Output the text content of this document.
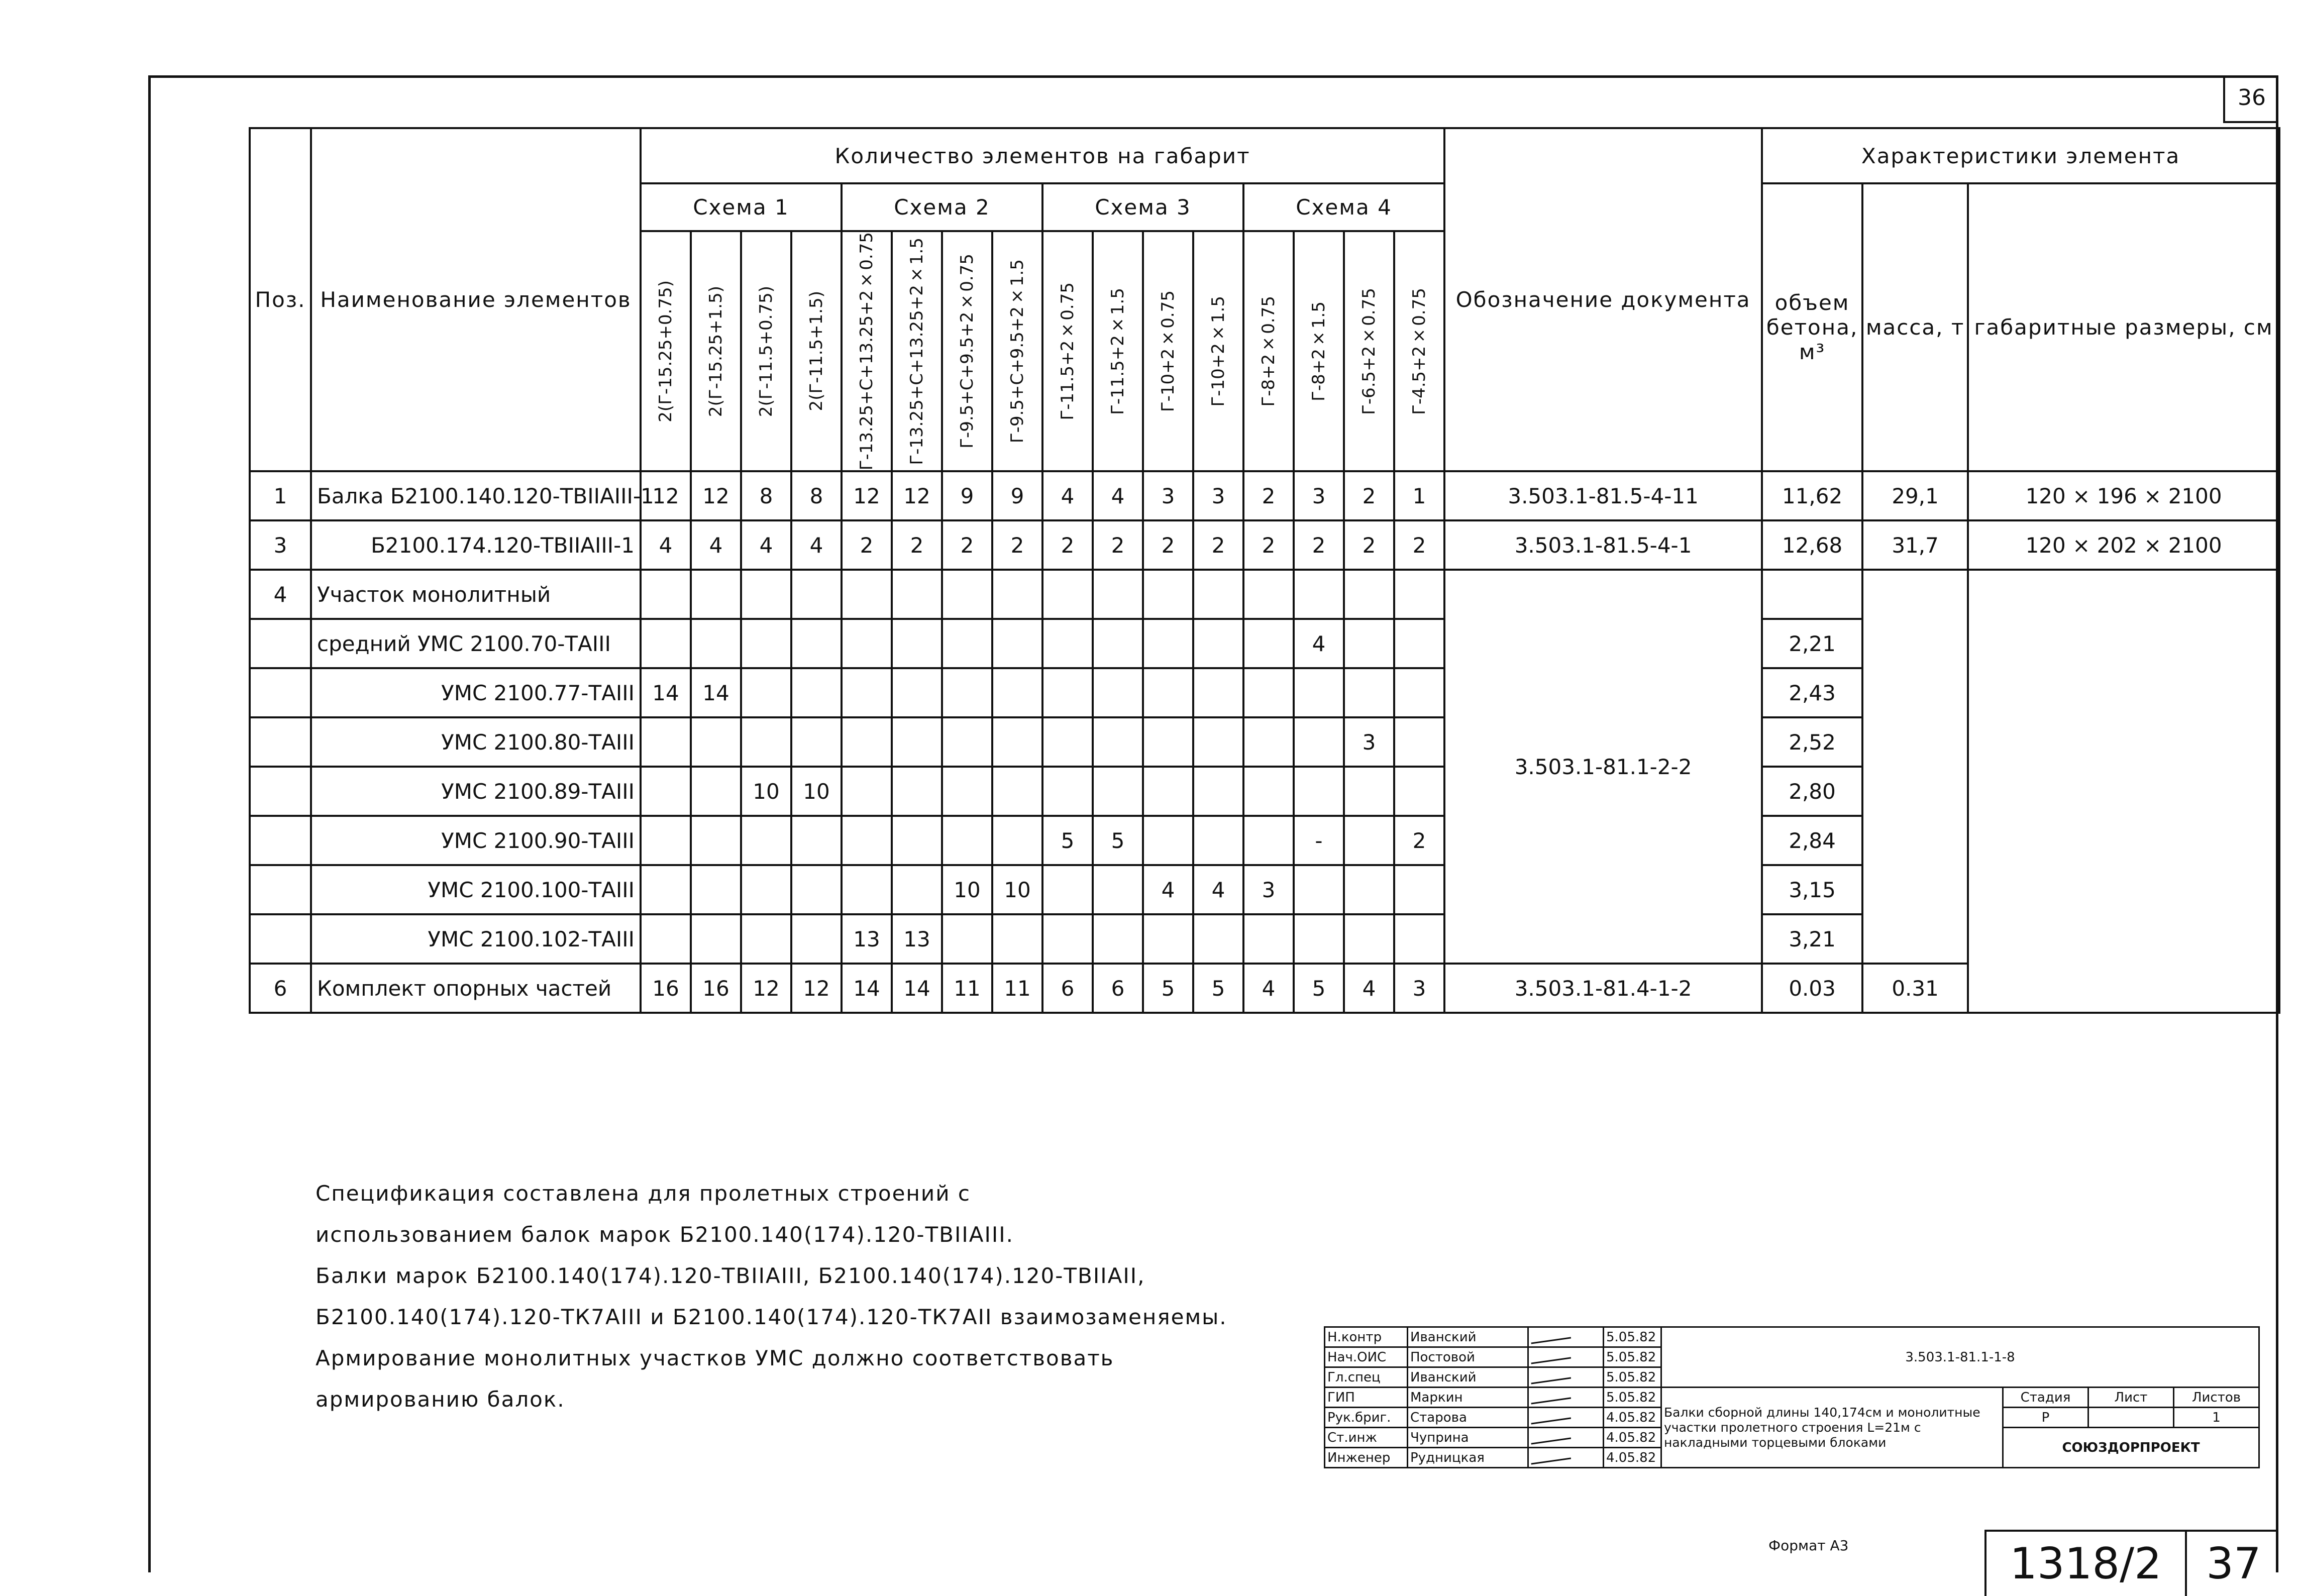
36
Поз.	Наименование элементов	Количество элементов на габарит																Обозначение документа	Характеристики элемента		
		Схема 1				Схема 2				Схема 3				Схема 4					объем бетона, м³	масса, т	габаритные размеры, см

		2(Г-15.25+0.75)	2(Г-15.25+1.5)	2(Г-11.5+0.75)	2(Г-11.5+1.5)	Г-13.25+С+13.25+2×0.75	Г-13.25+С+13.25+2×1.5	Г-9.5+С+9.5+2×0.75	Г-9.5+С+9.5+2×1.5	Г-11.5+2×0.75	Г-11.5+2×1.5	Г-10+2×0.75	Г-10+2×1.5	Г-8+2×0.75	Г-8+2×1.5	Г-6.5+2×0.75	Г-4.5+2×0.75				

1	Балка Б2100.140.120-ТВIIАIII-1	12	12	8	8	12	12	9	9	4	4	3	3	2	3	2	1	3.503.1-81.5-4-11	11,62	29,1	120 × 196 × 2100
3	Б2100.174.120-ТВIIАIII-1	4	4	4	4	2	2	2	2	2	2	2	2	2	2	2	2	3.503.1-81.5-4-1	12,68	31,7	120 × 202 × 2100
4	Участок монолитный																	3.503.1-81.1-2-2			
	средний УМС 2100.70-ТАIII														4				2,21		
	УМС 2100.77-ТАIII	14	14																2,43		
	УМС 2100.80-ТАIII															3			2,52		
	УМС 2100.89-ТАIII			10	10														2,80		
	УМС 2100.90-ТАIII									5	5				-		2		2,84		
	УМС 2100.100-ТАIII							10	10			4	4	3					3,15		
	УМС 2100.102-ТАIII					13	13												3,21		
6	Комплект опорных частей	16	16	12	12	14	14	11	11	6	6	5	5	4	5	4	3	3.503.1-81.4-1-2	0.03	0.31	
Спецификация составлена для пролетных строений с
использованием балок марок Б2100.140(174).120-ТВIIАIII.
Балки марок Б2100.140(174).120-ТВIIАIII, Б2100.140(174).120-ТВIIАII,
Б2100.140(174).120-ТК7АIII и Б2100.140(174).120-ТК7АII взаимозаменяемы.
Армирование монолитных участков УМС должно соответствовать
армированию балок.
Н.контр	Иванский		5.05.82	3.503.1-81.1-1-8			
Нач.ОИС	Постовой		5.05.82				
Гл.спец	Иванский		5.05.82				
ГИП	Маркин		5.05.82	Балки сборной длины 140,174см и монолитные участки пролетного строения L=21м с накладными торцевыми блоками	Стадия	Лист	Листов
Рук.бриг.	Старова		4.05.82		Р		1
Ст.инж	Чуприна		4.05.82		СОЮЗДОРПРОЕКТ		
Инженер	Рудницкая		4.05.82				
Формат А3	1318/2	37
